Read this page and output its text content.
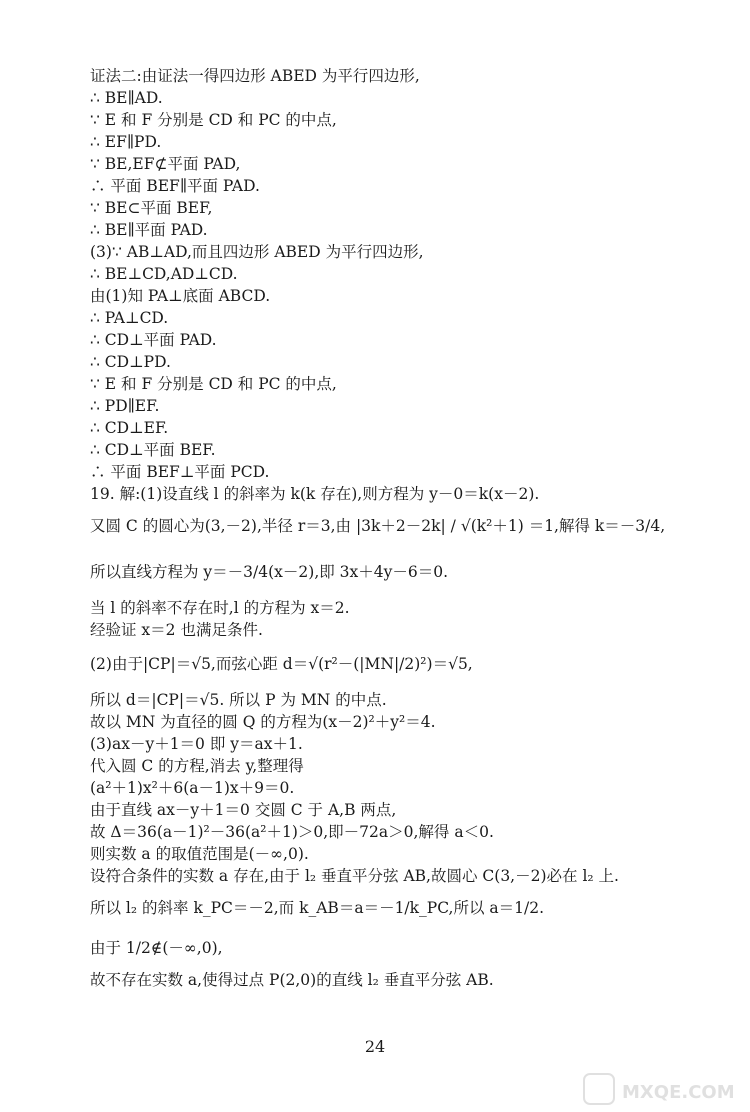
证法二:由证法一得四边形 ABED 为平行四边形,
∴ BE∥AD.
∵ E 和 F 分别是 CD 和 PC 的中点,
∴ EF∥PD.
∵ BE,EF⊄平面 PAD,
∴ 平面 BEF∥平面 PAD.
∵ BE⊂平面 BEF,
∴ BE∥平面 PAD.
(3)∵ AB⊥AD,而且四边形 ABED 为平行四边形,
∴ BE⊥CD,AD⊥CD.
由(1)知 PA⊥底面 ABCD.
∴ PA⊥CD.
∴ CD⊥平面 PAD.
∴ CD⊥PD.
∵ E 和 F 分别是 CD 和 PC 的中点,
∴ PD∥EF.
∴ CD⊥EF.
∴ CD⊥平面 BEF.
∴ 平面 BEF⊥平面 PCD.
19. 解:(1)设直线 l 的斜率为 k(k 存在),则方程为 y－0＝k(x－2).
又圆 C 的圆心为(3,－2),半径 r＝3,由 |3k＋2－2k| / √(k²＋1) ＝1,解得 k＝－3/4,
所以直线方程为 y＝－3/4(x－2),即 3x＋4y－6＝0.
当 l 的斜率不存在时,l 的方程为 x＝2.
经验证 x＝2 也满足条件.
(2)由于|CP|＝√5,而弦心距 d＝√(r²－(|MN|/2)²)＝√5,
所以 d＝|CP|＝√5. 所以 P 为 MN 的中点.
故以 MN 为直径的圆 Q 的方程为(x－2)²＋y²＝4.
(3)ax－y＋1＝0 即 y＝ax＋1.
代入圆 C 的方程,消去 y,整理得
(a²＋1)x²＋6(a－1)x＋9＝0.
由于直线 ax－y＋1＝0 交圆 C 于 A,B 两点,
故 Δ＝36(a－1)²－36(a²＋1)＞0,即－72a＞0,解得 a＜0.
则实数 a 的取值范围是(－∞,0).
设符合条件的实数 a 存在,由于 l₂ 垂直平分弦 AB,故圆心 C(3,－2)必在 l₂ 上.
所以 l₂ 的斜率 k_PC＝－2,而 k_AB＝a＝－1/k_PC,所以 a＝1/2.
由于 1/2∉(－∞,0),
故不存在实数 a,使得过点 P(2,0)的直线 l₂ 垂直平分弦 AB.
24
MXQE.COM
